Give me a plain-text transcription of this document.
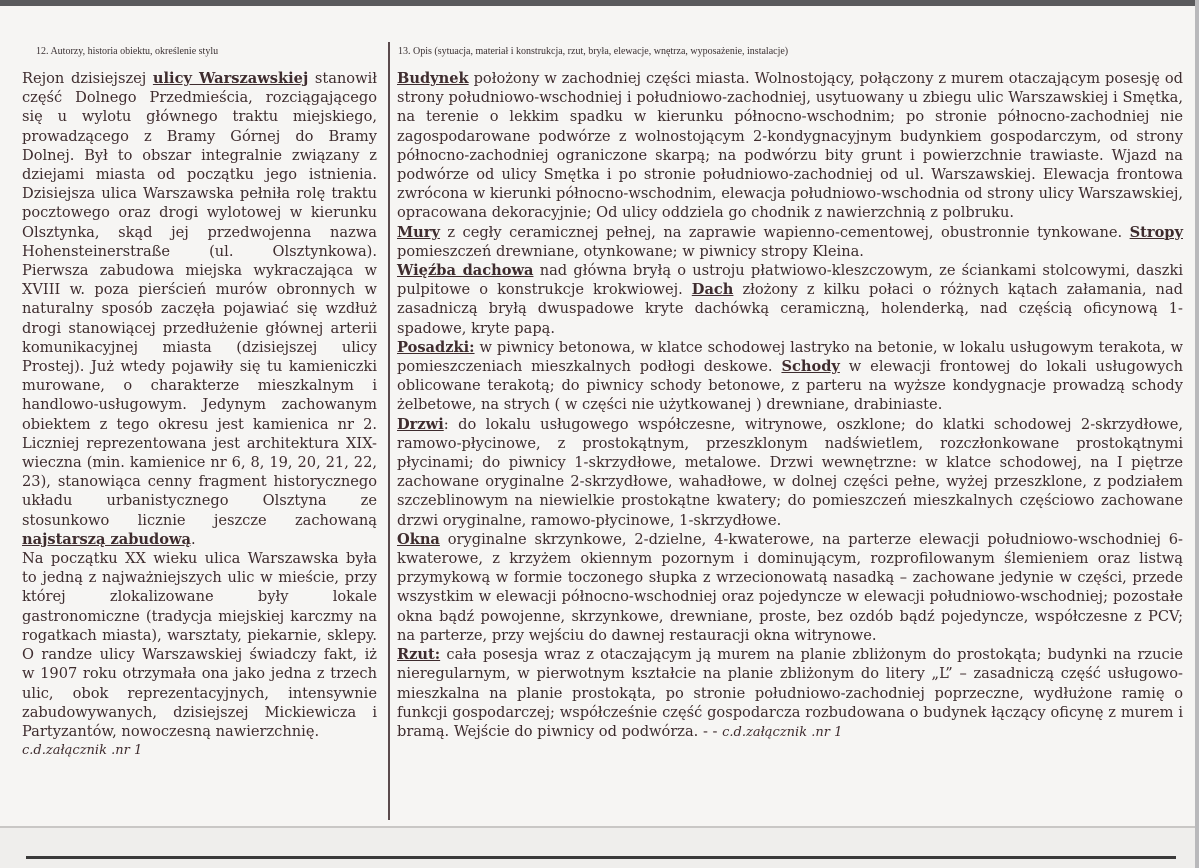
12. Autorzy, historia obiektu, określenie stylu	13. Opis (sytuacja, materiał i konstrukcja, rzut, bryła, elewacje, wnętrza, wyposażenie, instalacje)

Rejon dzisiejszej ulicy Warszawskiej stanowił część Dolnego Przedmieścia, rozciągającego się u wylotu głównego traktu miejskiego, prowadzącego z Bramy Górnej do Bramy Dolnej. Był to obszar integralnie związany z dziejami miasta od początku jego istnienia. Dzisiejsza ulica Warszawska pełniła rolę traktu pocztowego oraz drogi wylotowej w kierunku Olsztynka, skąd jej przedwojenna nazwa Hohensteinerstraße (ul. Olsztynkowa). Pierwsza zabudowa miejska wykraczająca w XVIII w. poza pierścień murów obronnych w naturalny sposób zaczęła pojawiać się wzdłuż drogi stanowiącej przedłużenie głównej arterii komunikacyjnej miasta (dzisiejszej ulicy Prostej). Już wtedy pojawiły się tu kamieniczki murowane, o charakterze mieszkalnym i handlowo-usługowym. Jedynym zachowanym obiektem z tego okresu jest kamienica nr 2. Liczniej reprezentowana jest architektura XIX-wieczna (min. kamienice nr 6, 8, 19, 20, 21, 22, 23), stanowiąca cenny fragment historycznego układu urbanistycznego Olsztyna ze stosunkowo licznie jeszcze zachowaną najstarszą zabudową.

Na początku XX wieku ulica Warszawska była to jedną z najważniejszych ulic w mieście, przy której zlokalizowane były lokale gastronomiczne (tradycja miejskiej karczmy na rogatkach miasta), warsztaty, piekarnie, sklepy. O randze ulicy Warszawskiej świadczy fakt, iż w 1907 roku otrzymała ona jako jedna z trzech ulic, obok reprezentacyjnych, intensywnie zabudowywanych, dzisiejszej Mickiewicza i Partyzantów, nowoczesną nawierzchnię.

c.d.załącznik .nr 1

Budynek położony w zachodniej części miasta. Wolnostojący, połączony z murem otaczającym posesję od strony południowo-wschodniej i południowo-zachodniej, usytuowany u zbiegu ulic Warszawskiej i Smętka, na terenie o lekkim spadku w kierunku północno-wschodnim; po stronie północno-zachodniej nie zagospodarowane podwórze z wolnostojącym 2-kondygnacyjnym budynkiem gospodarczym, od strony północno-zachodniej ograniczone skarpą; na podwórzu bity grunt i powierzchnie trawiaste. Wjazd na podwórze od ulicy Smętka i po stronie południowo-zachodniej od ul. Warszawskiej. Elewacja frontowa zwrócona w kierunki północno-wschodnim, elewacja południowo-wschodnia od strony ulicy Warszawskiej, opracowana dekoracyjnie; Od ulicy oddziela go chodnik z nawierzchnią z polbruku.

Mury z cegły ceramicznej pełnej, na zaprawie wapienno-cementowej, obustronnie tynkowane. Stropy pomieszczeń drewniane, otynkowane; w piwnicy stropy Kleina.

Więźba dachowa nad główna bryłą o ustroju płatwiowo-kleszczowym, ze ściankami stolcowymi, daszki pulpitowe o konstrukcje krokwiowej. Dach złożony z kilku połaci o różnych kątach załamania, nad zasadniczą bryłą dwuspadowe kryte dachówką ceramiczną, holenderką, nad częścią oficynową 1-spadowe, kryte papą.

Posadzki: w piwnicy betonowa, w klatce schodowej lastryko na betonie, w lokalu usługowym terakota, w pomieszczeniach mieszkalnych podłogi deskowe. Schody w elewacji frontowej do lokali usługowych oblicowane terakotą; do piwnicy schody betonowe, z parteru na wyższe kondygnacje prowadzą schody żelbetowe, na strych ( w części nie użytkowanej ) drewniane, drabiniaste.

Drzwi: do lokalu usługowego współczesne, witrynowe, oszklone; do klatki schodowej 2-skrzydłowe, ramowo-płycinowe, z prostokątnym, przeszklonym nadświetlem, rozczłonkowane prostokątnymi płycinami; do piwnicy 1-skrzydłowe, metalowe. Drzwi wewnętrzne: w klatce schodowej, na I piętrze zachowane oryginalne 2-skrzydłowe, wahadłowe, w dolnej części pełne, wyżej przeszklone, z podziałem szczeblinowym na niewielkie prostokątne kwatery; do pomieszczeń mieszkalnych częściowo zachowane drzwi oryginalne, ramowo-płycinowe, 1-skrzydłowe.

Okna oryginalne skrzynkowe, 2-dzielne, 4-kwaterowe, na parterze elewacji południowo-wschodniej 6-kwaterowe, z krzyżem okiennym pozornym i dominującym, rozprofilowanym ślemieniem oraz listwą przymykową w formie toczonego słupka z wrzecionowatą nasadką – zachowane jedynie w części, przede wszystkim w elewacji północno-wschodniej oraz pojedyncze w elewacji południowo-wschodniej; pozostałe okna bądź powojenne, skrzynkowe, drewniane, proste, bez ozdób bądź pojedyncze, współczesne z PCV; na parterze, przy wejściu do dawnej restauracji okna witrynowe.

Rzut: cała posesja wraz z otaczającym ją murem na planie zbliżonym do prostokąta; budynki na rzucie nieregularnym, w pierwotnym kształcie na planie zbliżonym do litery „L” – zasadniczą część usługowo-mieszkalna na planie prostokąta, po stronie południowo-zachodniej poprzeczne, wydłużone ramię o funkcji gospodarczej; współcześnie część gospodarcza rozbudowana o budynek łączący oficynę z murem i bramą. Wejście do piwnicy od podwórza. - - c.d.załącznik .nr 1
